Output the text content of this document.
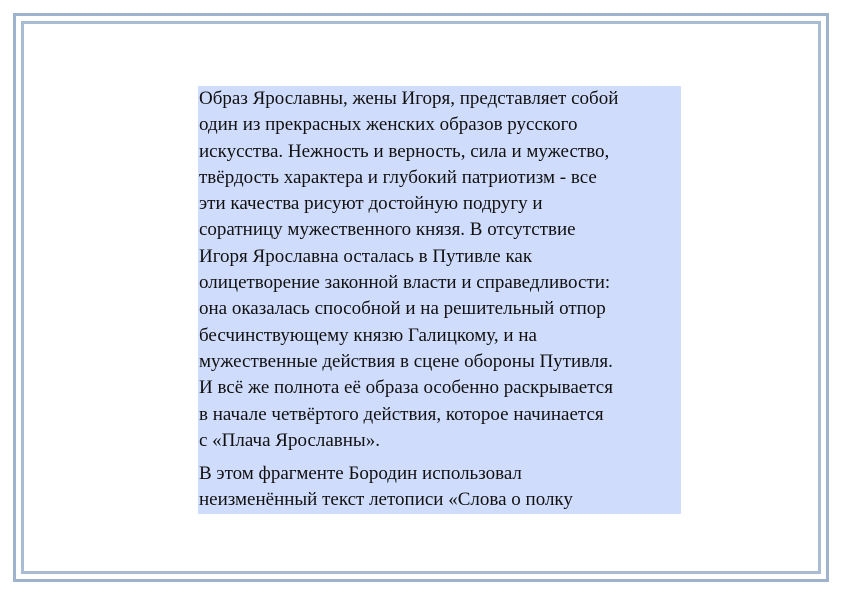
Образ Ярославны, жены Игоря, представляет собой
один из прекрасных женских образов русского
искусства. Нежность и верность, сила и мужество,
твёрдость характера и глубокий патриотизм - все
эти качества рисуют достойную подругу и
соратницу мужественного князя. В отсутствие
Игоря Ярославна осталась в Путивле как
олицетворение законной власти и справедливости:
она оказалась способной и на решительный отпор
бесчинствующему князю Галицкому, и на
мужественные действия в сцене обороны Путивля.
И всё же полнота её образа особенно раскрывается
в начале четвёртого действия, которое начинается
с «Плача Ярославны».

В этом фрагменте Бородин использовал
неизменённый текст летописи «Слова о полку
